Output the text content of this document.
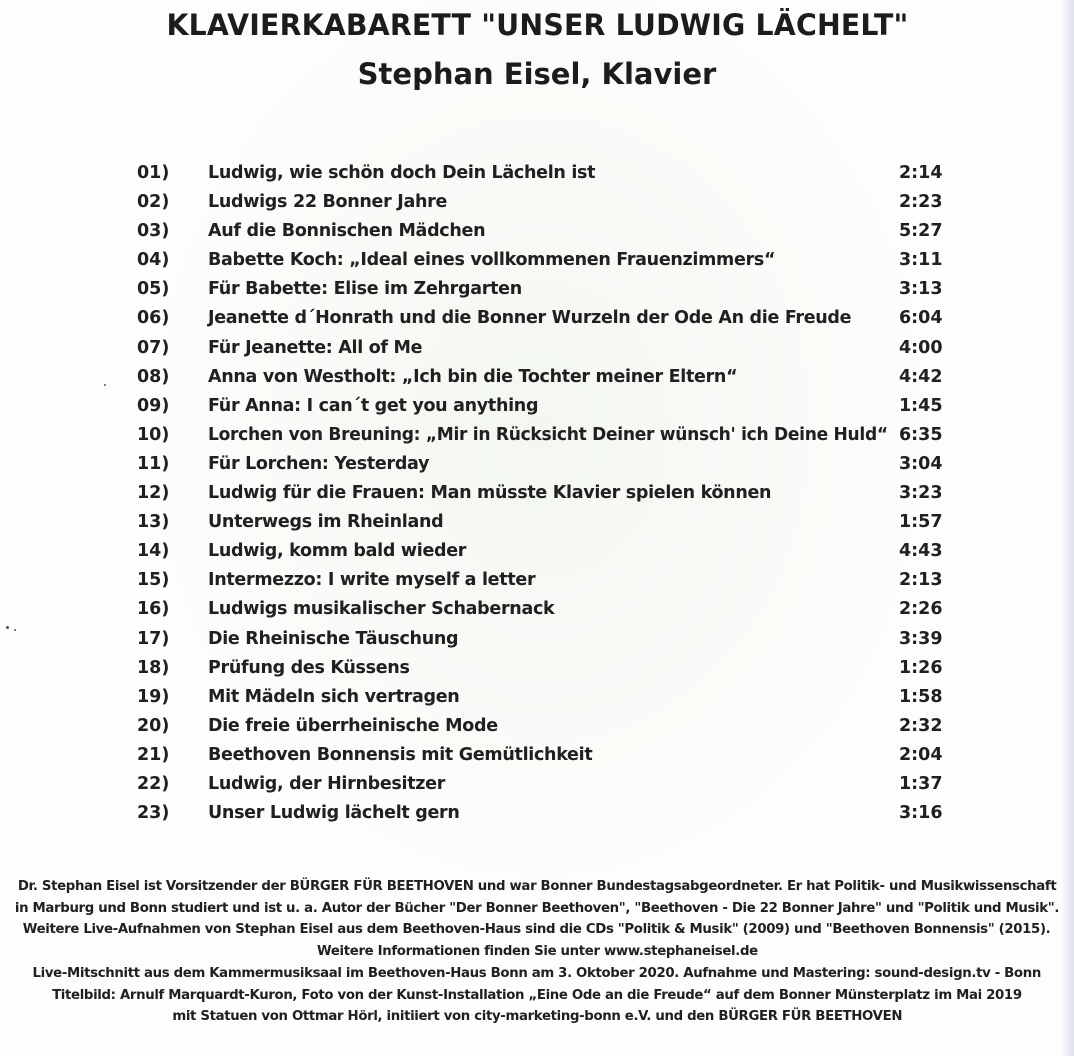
KLAVIERKABARETT "UNSER LUDWIG LÄCHELT"
Stephan Eisel, Klavier
01) Ludwig, wie schön doch Dein Lächeln ist	2:14
02) Ludwigs 22 Bonner Jahre	2:23
03) Auf die Bonnischen Mädchen	5:27
04) Babette Koch: „Ideal eines vollkommenen Frauenzimmers“	3:11
05) Für Babette: Elise im Zehrgarten	3:13
06) Jeanette d´Honrath und die Bonner Wurzeln der Ode An die Freude	6:04
07) Für Jeanette: All of Me	4:00
08) Anna von Westholt: „Ich bin die Tochter meiner Eltern“	4:42
09) Für Anna: I can´t get you anything	1:45
10) Lorchen von Breuning: „Mir in Rücksicht Deiner wünsch' ich Deine Huld“ 6:35
11) Für Lorchen: Yesterday	3:04
12) Ludwig für die Frauen: Man müsste Klavier spielen können	3:23
13) Unterwegs im Rheinland	1:57
14) Ludwig, komm bald wieder	4:43
15) Intermezzo: I write myself a letter	2:13
16) Ludwigs musikalischer Schabernack	2:26
17) Die Rheinische Täuschung	3:39
18) Prüfung des Küssens	1:26
19) Mit Mädeln sich vertragen	1:58
20) Die freie überrheinische Mode	2:32
21) Beethoven Bonnensis mit Gemütlichkeit	2:04
22) Ludwig, der Hirnbesitzer	1:37
23) Unser Ludwig lächelt gern	3:16
Dr. Stephan Eisel ist Vorsitzender der BÜRGER FÜR BEETHOVEN und war Bonner Bundestagsabgeordneter. Er hat Politik- und Musikwissenschaftin Marburg und Bonn studiert und ist u. a. Autor der Bücher "Der Bonner Beethoven", "Beethoven - Die 22 Bonner Jahre" und "Politik und Musik".Weitere Live-Aufnahmen von Stephan Eisel aus dem Beethoven-Haus sind die CDs "Politik & Musik" (2009) und "Beethoven Bonnensis" (2015).Weitere Informationen finden Sie unter www.stephaneisel.deLive-Mitschnitt aus dem Kammermusiksaal im Beethoven-Haus Bonn am 3. Oktober 2020. Aufnahme und Mastering: sound-design.tv - BonnTitelbild: Arnulf Marquardt-Kuron, Foto von der Kunst-Installation „Eine Ode an die Freude“ auf dem Bonner Münsterplatz im Mai 2019mit Statuen von Ottmar Hörl, initiiert von city-marketing-bonn e.V. und den BÜRGER FÜR BEETHOVEN
